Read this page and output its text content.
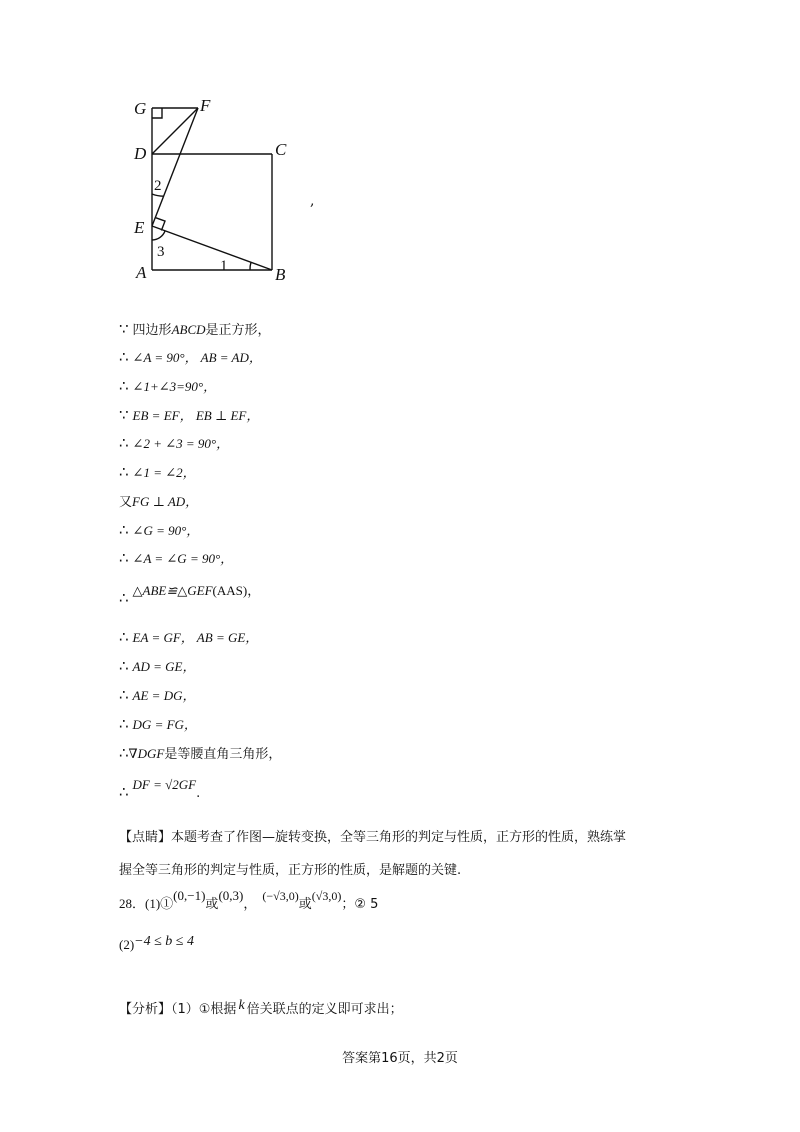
G	F
D	C
E
A	B
2
3
1
,
∵ 四边形ABCD是正方形，
∴ ∠A = 90°， AB = AD，
∴ ∠1+∠3=90°，
∵ EB = EF， EB ⊥ EF，
∴ ∠2 + ∠3 = 90°，
∴ ∠1 = ∠2，
又FG ⊥ AD，
∴ ∠G = 90°，
∴ ∠A = ∠G = 90°，
∴ △ABE≌△GEF(AAS)，
∴ EA = GF， AB = GE，
∴ AD = GE，
∴ AE = DG，
∴ DG = FG，
∴∇DGF是等腰直角三角形，
∴ DF = √2GF.
【点睛】本题考查了作图—旋转变换，全等三角形的判定与性质，正方形的性质，熟练掌
握全等三角形的判定与性质，正方形的性质，是解题的关键.
28．(1)①(0,−1)或(0,3)，(−√3,0)或(√3,0)；② 5
(2)−4 ≤ b ≤ 4
【分析】（1）①根据 k 倍关联点的定义即可求出；
答案第16页，共2页
